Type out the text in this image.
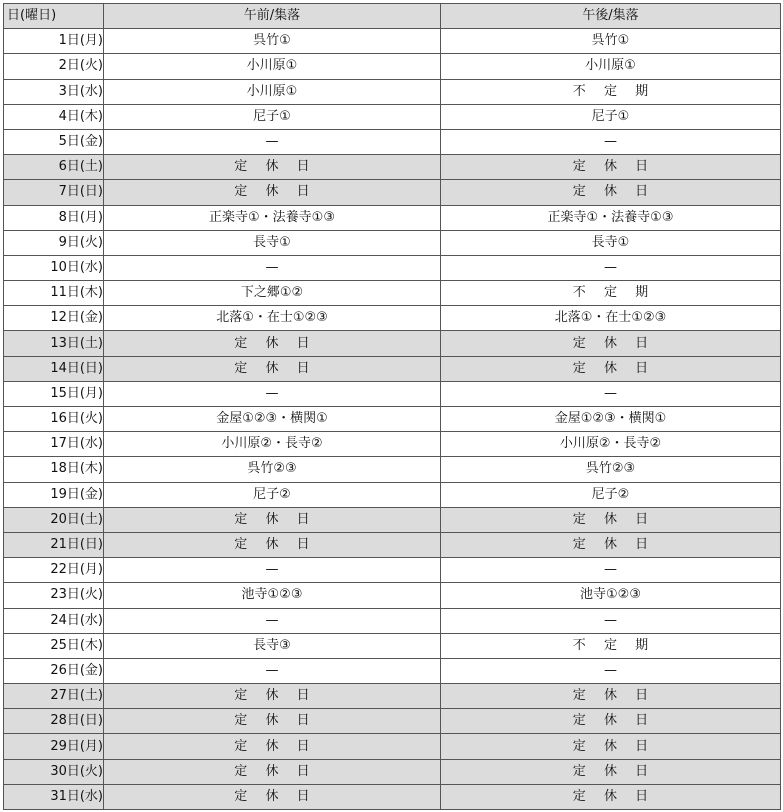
日(曜日)	午前/集落	午後/集落
1日(月)	呉竹①	呉竹①
2日(火)	小川原①	小川原①
3日(水)	小川原①	不定期
4日(木)	尼子①	尼子①
5日(金)	—	—
6日(土)	定休日	定休日
7日(日)	定休日	定休日
8日(月)	正楽寺①・法養寺①③	正楽寺①・法養寺①③
9日(火)	長寺①	長寺①
10日(水)	—	—
11日(木)	下之郷①②	不定期
12日(金)	北落①・在士①②③	北落①・在士①②③
13日(土)	定休日	定休日
14日(日)	定休日	定休日
15日(月)	—	—
16日(火)	金屋①②③・横関①	金屋①②③・横関①
17日(水)	小川原②・長寺②	小川原②・長寺②
18日(木)	呉竹②③	呉竹②③
19日(金)	尼子②	尼子②
20日(土)	定休日	定休日
21日(日)	定休日	定休日
22日(月)	—	—
23日(火)	池寺①②③	池寺①②③
24日(水)	—	—
25日(木)	長寺③	不定期
26日(金)	—	—
27日(土)	定休日	定休日
28日(日)	定休日	定休日
29日(月)	定休日	定休日
30日(火)	定休日	定休日
31日(水)	定休日	定休日
